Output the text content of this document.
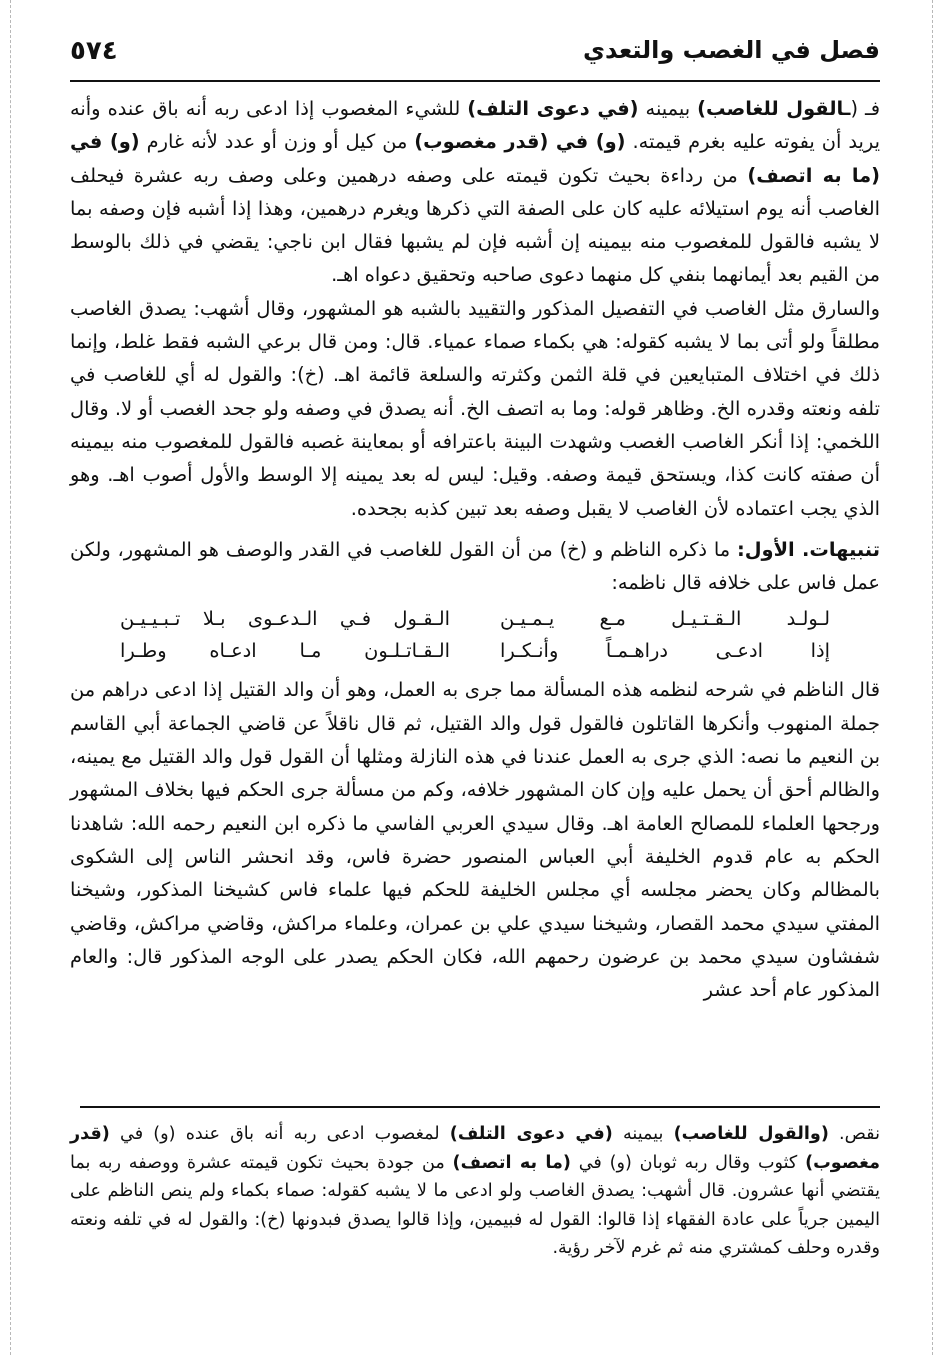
فصل في الغصب والتعدي
٥٧٤

فـ (ـالقول للغاصب) بيمينه (في دعوى التلف) للشيء المغصوب إذا ادعى ربه أنه باق عنده وأنه يريد أن يفوته عليه بغرم قيمته. (و) في (قدر مغصوب) من كيل أو وزن أو عدد لأنه غارم (و) في (ما به اتصف) من رداءة بحيث تكون قيمته على وصفه درهمين وعلى وصف ربه عشرة فيحلف الغاصب أنه يوم استيلائه عليه كان على الصفة التي ذكرها ويغرم درهمين، وهذا إذا أشبه فإن وصفه بما لا يشبه فالقول للمغصوب منه بيمينه إن أشبه فإن لم يشبها فقال ابن ناجي: يقضي في ذلك بالوسط من القيم بعد أيمانهما بنفي كل منهما دعوى صاحبه وتحقيق دعواه اهـ.

والسارق مثل الغاصب في التفصيل المذكور والتقييد بالشبه هو المشهور، وقال أشهب: يصدق الغاصب مطلقاً ولو أتى بما لا يشبه كقوله: هي بكماء صماء عمياء. قال: ومن قال برعي الشبه فقط غلط، وإنما ذلك في اختلاف المتبايعين في قلة الثمن وكثرته والسلعة قائمة اهـ. (خ): والقول له أي للغاصب في تلفه ونعته وقدره الخ. وظاهر قوله: وما به اتصف الخ. أنه يصدق في وصفه ولو جحد الغصب أو لا. وقال اللخمي: إذا أنكر الغاصب الغصب وشهدت البينة باعترافه أو بمعاينة غصبه فالقول للمغصوب منه بيمينه أن صفته كانت كذا، ويستحق قيمة وصفه. وقيل: ليس له بعد يمينه إلا الوسط والأول أصوب اهـ. وهو الذي يجب اعتماده لأن الغاصب لا يقبل وصفه بعد تبين كذبه بجحده.

تنبيهات. الأول: ما ذكره الناظم و (خ) من أن القول للغاصب في القدر والوصف هو المشهور، ولكن عمل فاس على خلافه قال ناظمه:

لـولـد الـقـتـيـل مـع يـمـيـن
الـقـول فـي الـدعـوى بـلا تـبـيـيـن
إذا ادعـى دراهـمـاً وأنـكـرا
الـقـاتـلـون مـا ادعـاه وطـرا

قال الناظم في شرحه لنظمه هذه المسألة مما جرى به العمل، وهو أن والد القتيل إذا ادعى دراهم من جملة المنهوب وأنكرها القاتلون فالقول قول والد القتيل، ثم قال ناقلاً عن قاضي الجماعة أبي القاسم بن النعيم ما نصه: الذي جرى به العمل عندنا في هذه النازلة ومثلها أن القول قول والد القتيل مع يمينه، والظالم أحق أن يحمل عليه وإن كان المشهور خلافه، وكم من مسألة جرى الحكم فيها بخلاف المشهور ورجحها العلماء للمصالح العامة اهـ. وقال سيدي العربي الفاسي ما ذكره ابن النعيم رحمه الله: شاهدنا الحكم به عام قدوم الخليفة أبي العباس المنصور حضرة فاس، وقد انحشر الناس إلى الشكوى بالمظالم وكان يحضر مجلسه أي مجلس الخليفة للحكم فيها علماء فاس كشيخنا المذكور، وشيخنا المفتي سيدي محمد القصار، وشيخنا سيدي علي بن عمران، وعلماء مراكش، وقاضي مراكش، وقاضي شفشاون سيدي محمد بن عرضون رحمهم الله، فكان الحكم يصدر على الوجه المذكور قال: والعام المذكور عام أحد عشر

نقص. (والقول للغاصب) بيمينه (في دعوى التلف) لمغصوب ادعى ربه أنه باق عنده (و) في (قدر مغصوب) كثوب وقال ربه ثوبان (و) في (ما به اتصف) من جودة بحيث تكون قيمته عشرة ووصفه ربه بما يقتضي أنها عشرون. قال أشهب: يصدق الغاصب ولو ادعى ما لا يشبه كقوله: صماء بكماء ولم ينص الناظم على اليمين جرياً على عادة الفقهاء إذا قالوا: القول له فبيمين، وإذا قالوا يصدق فبدونها (خ): والقول له في تلفه ونعته وقدره وحلف كمشتري منه ثم غرم لآخر رؤية.
